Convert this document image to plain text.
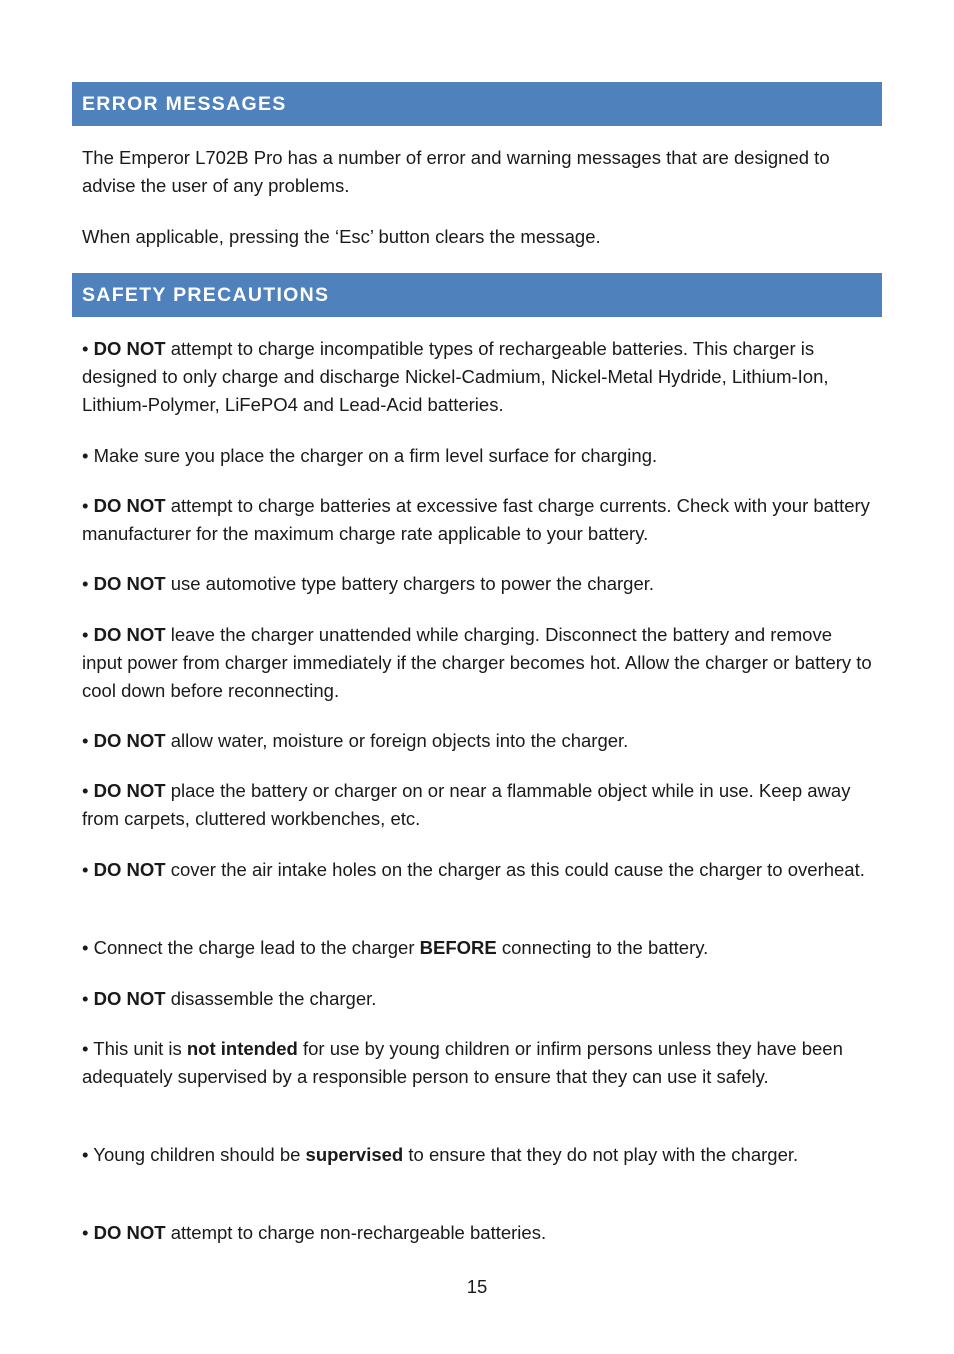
ERROR MESSAGES

The Emperor L702B Pro has a number of error and warning messages that are designed to advise the user of any problems.

When applicable, pressing the ‘Esc’ button clears the message.

SAFETY PRECAUTIONS

• DO NOT attempt to charge incompatible types of rechargeable batteries. This charger is designed to only charge and discharge Nickel-Cadmium, Nickel-Metal Hydride, Lithium-Ion, Lithium-Polymer, LiFePO4 and Lead-Acid batteries.

• Make sure you place the charger on a firm level surface for charging.

• DO NOT attempt to charge batteries at excessive fast charge currents. Check with your battery manufacturer for the maximum charge rate applicable to your battery.

• DO NOT use automotive type battery chargers to power the charger.

• DO NOT leave the charger unattended while charging. Disconnect the battery and remove input power from charger immediately if the charger becomes hot. Allow the charger or battery to cool down before reconnecting.

• DO NOT allow water, moisture or foreign objects into the charger.

• DO NOT place the battery or charger on or near a flammable object while in use. Keep away from carpets, cluttered workbenches, etc.

• DO NOT cover the air intake holes on the charger as this could cause the charger to overheat.

• Connect the charge lead to the charger BEFORE connecting to the battery.

• DO NOT disassemble the charger.

• This unit is not intended for use by young children or infirm persons unless they have been adequately supervised by a responsible person to ensure that they can use it safely.

• Young children should be supervised to ensure that they do not play with the charger.

• DO NOT attempt to charge non-rechargeable batteries.

15
